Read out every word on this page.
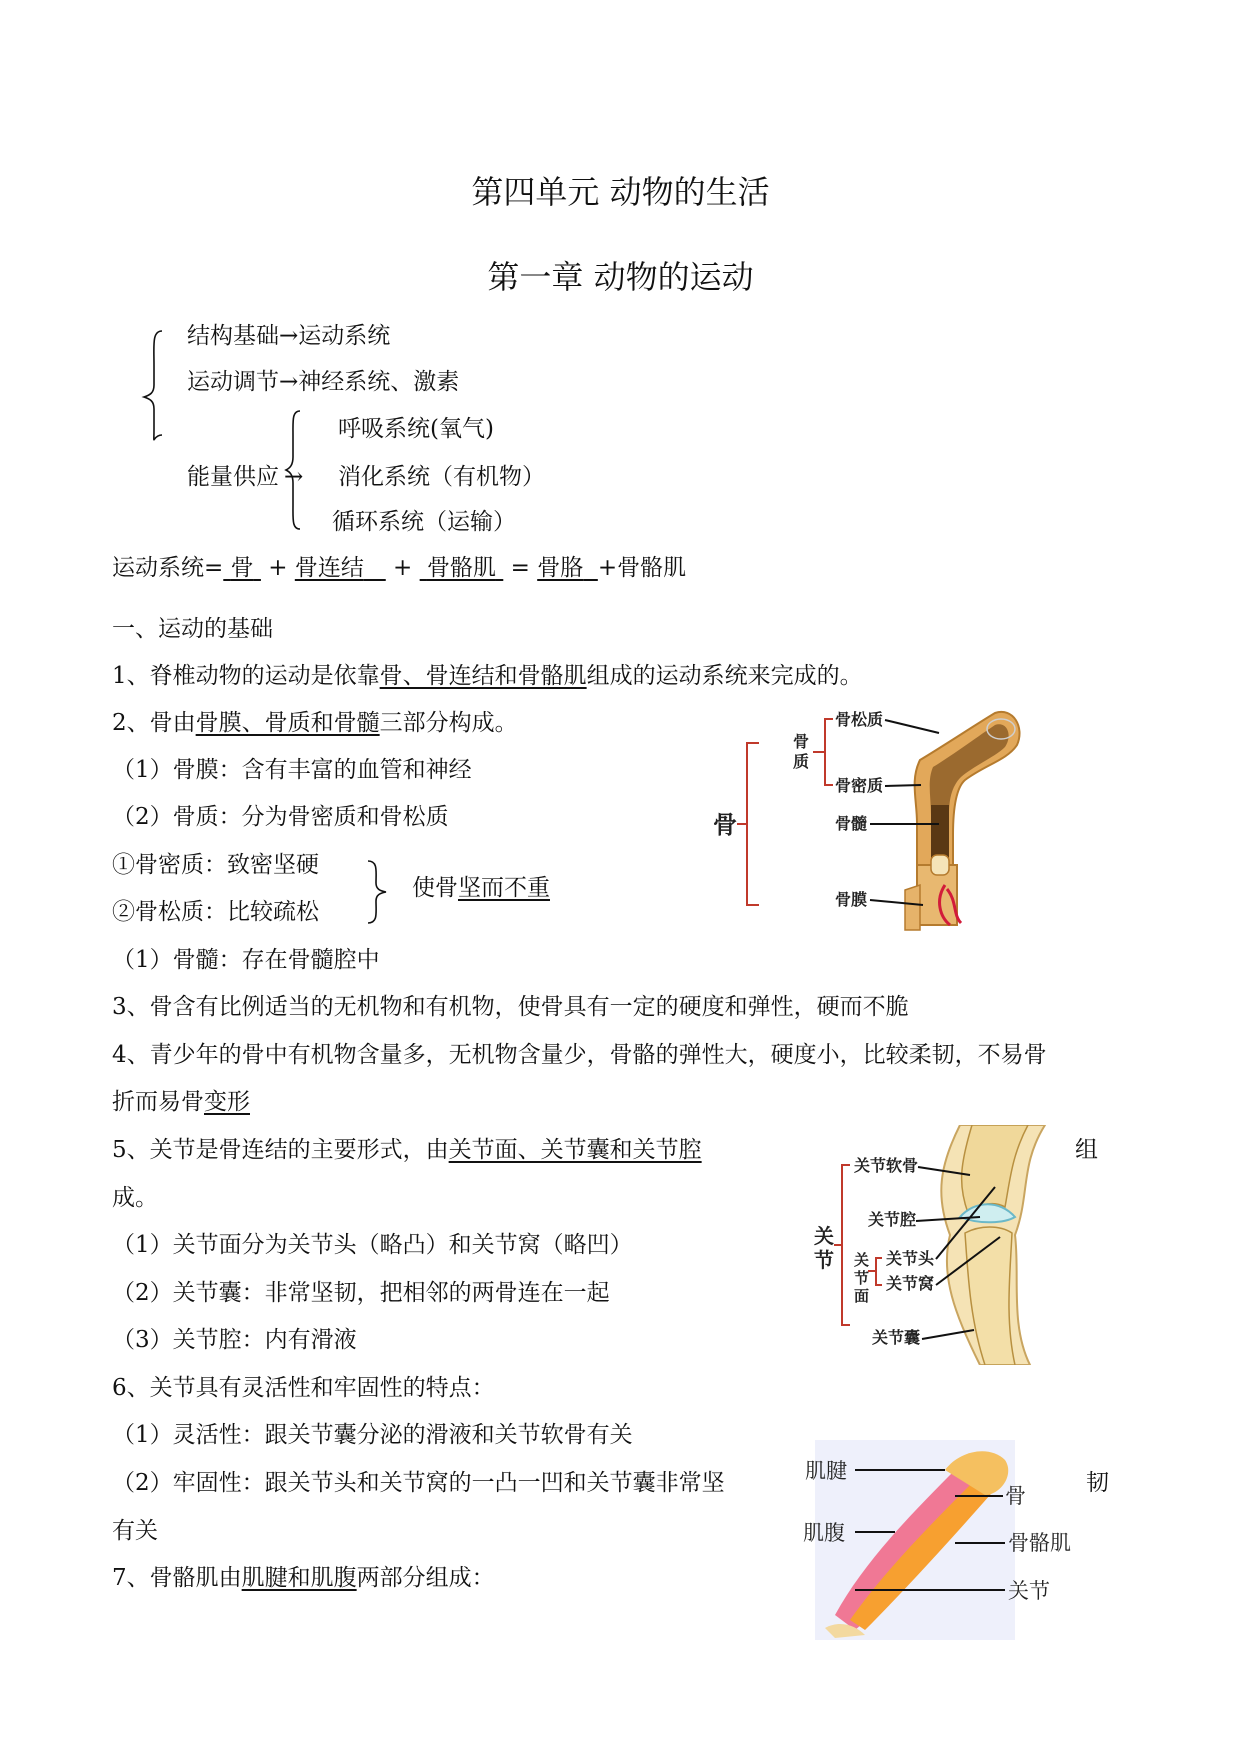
第四单元 动物的生活
第一章 动物的运动
结构基础→运动系统
运动调节→神经系统、激素
能量供应 →
呼吸系统(氧气)
消化系统（有机物）
循环系统（运输）
运动系统= 骨  + 骨连结    +  骨骼肌  = 骨胳 +骨骼肌
一、运动的基础
1、脊椎动物的运动是依靠骨、骨连结和骨骼肌组成的运动系统来完成的。
2、骨由骨膜、骨质和骨髓三部分构成。
（1）骨膜：含有丰富的血管和神经
（2）骨质：分为骨密质和骨松质
①骨密质：致密坚硬
②骨松质：比较疏松
使骨坚而不重
（1）骨髓：存在骨髓腔中
3、骨含有比例适当的无机物和有机物，使骨具有一定的硬度和弹性，硬而不脆
4、青少年的骨中有机物含量多，无机物含量少，骨骼的弹性大，硬度小，比较柔韧，不易骨
折而易骨变形
5、关节是骨连结的主要形式，由关节面、关节囊和关节腔	组
成。
（1）关节面分为关节头（略凸）和关节窝（略凹）
（2）关节囊：非常坚韧，把相邻的两骨连在一起
（3）关节腔：内有滑液
6、关节具有灵活性和牢固性的特点：
（1）灵活性：跟关节囊分泌的滑液和关节软骨有关
（2）牢固性：跟关节头和关节窝的一凸一凹和关节囊非常坚	韧
有关
7、骨骼肌由肌腱和肌腹两部分组成：
骨
骨
质
骨松质
骨密质
骨髓
骨膜
关
节 关
节
面
关节软骨
关节腔
关节头
关节窝
关节囊
肌腱
肌腹
骨
骨骼肌
关节
